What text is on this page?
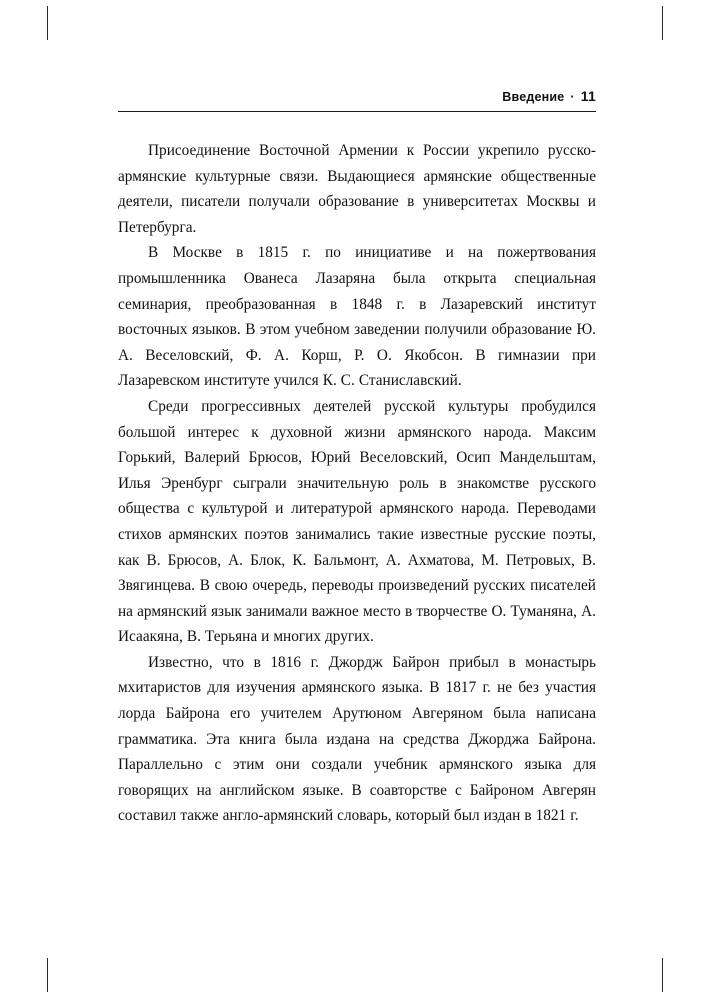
Введение · 11

Присоединение Восточной Армении к России укрепило русско-армянские культурные связи. Выдающиеся армянские общественные деятели, писатели получали образование в университетах Москвы и Петербурга.

В Москве в 1815 г. по инициативе и на пожертвования промышленника Ованеса Лазаряна была открыта специальная семинария, преобразованная в 1848 г. в Лазаревский институт восточных языков. В этом учебном заведении получили образование Ю. А. Веселовский, Ф. А. Корш, Р. О. Якобсон. В гимназии при Лазаревском институте учился К. С. Станиславский.

Среди прогрессивных деятелей русской культуры пробудился большой интерес к духовной жизни армянского народа. Максим Горький, Валерий Брюсов, Юрий Веселовский, Осип Мандельштам, Илья Эренбург сыграли значительную роль в знакомстве русского общества с культурой и литературой армянского народа. Переводами стихов армянских поэтов занимались такие известные русские поэты, как В. Брюсов, А. Блок, К. Бальмонт, А. Ахматова, М. Петровых, В. Звягинцева. В свою очередь, переводы произведений русских писателей на армянский язык занимали важное место в творчестве О. Туманяна, А. Исаакяна, В. Терьяна и многих других.

Известно, что в 1816 г. Джордж Байрон прибыл в монастырь мхитаристов для изучения армянского языка. В 1817 г. не без участия лорда Байрона его учителем Арутюном Авгеряном была написана грамматика. Эта книга была издана на средства Джорджа Байрона. Параллельно с этим они создали учебник армянского языка для говорящих на английском языке. В соавторстве с Байроном Авгерян составил также англо-армянский словарь, который был издан в 1821 г.
